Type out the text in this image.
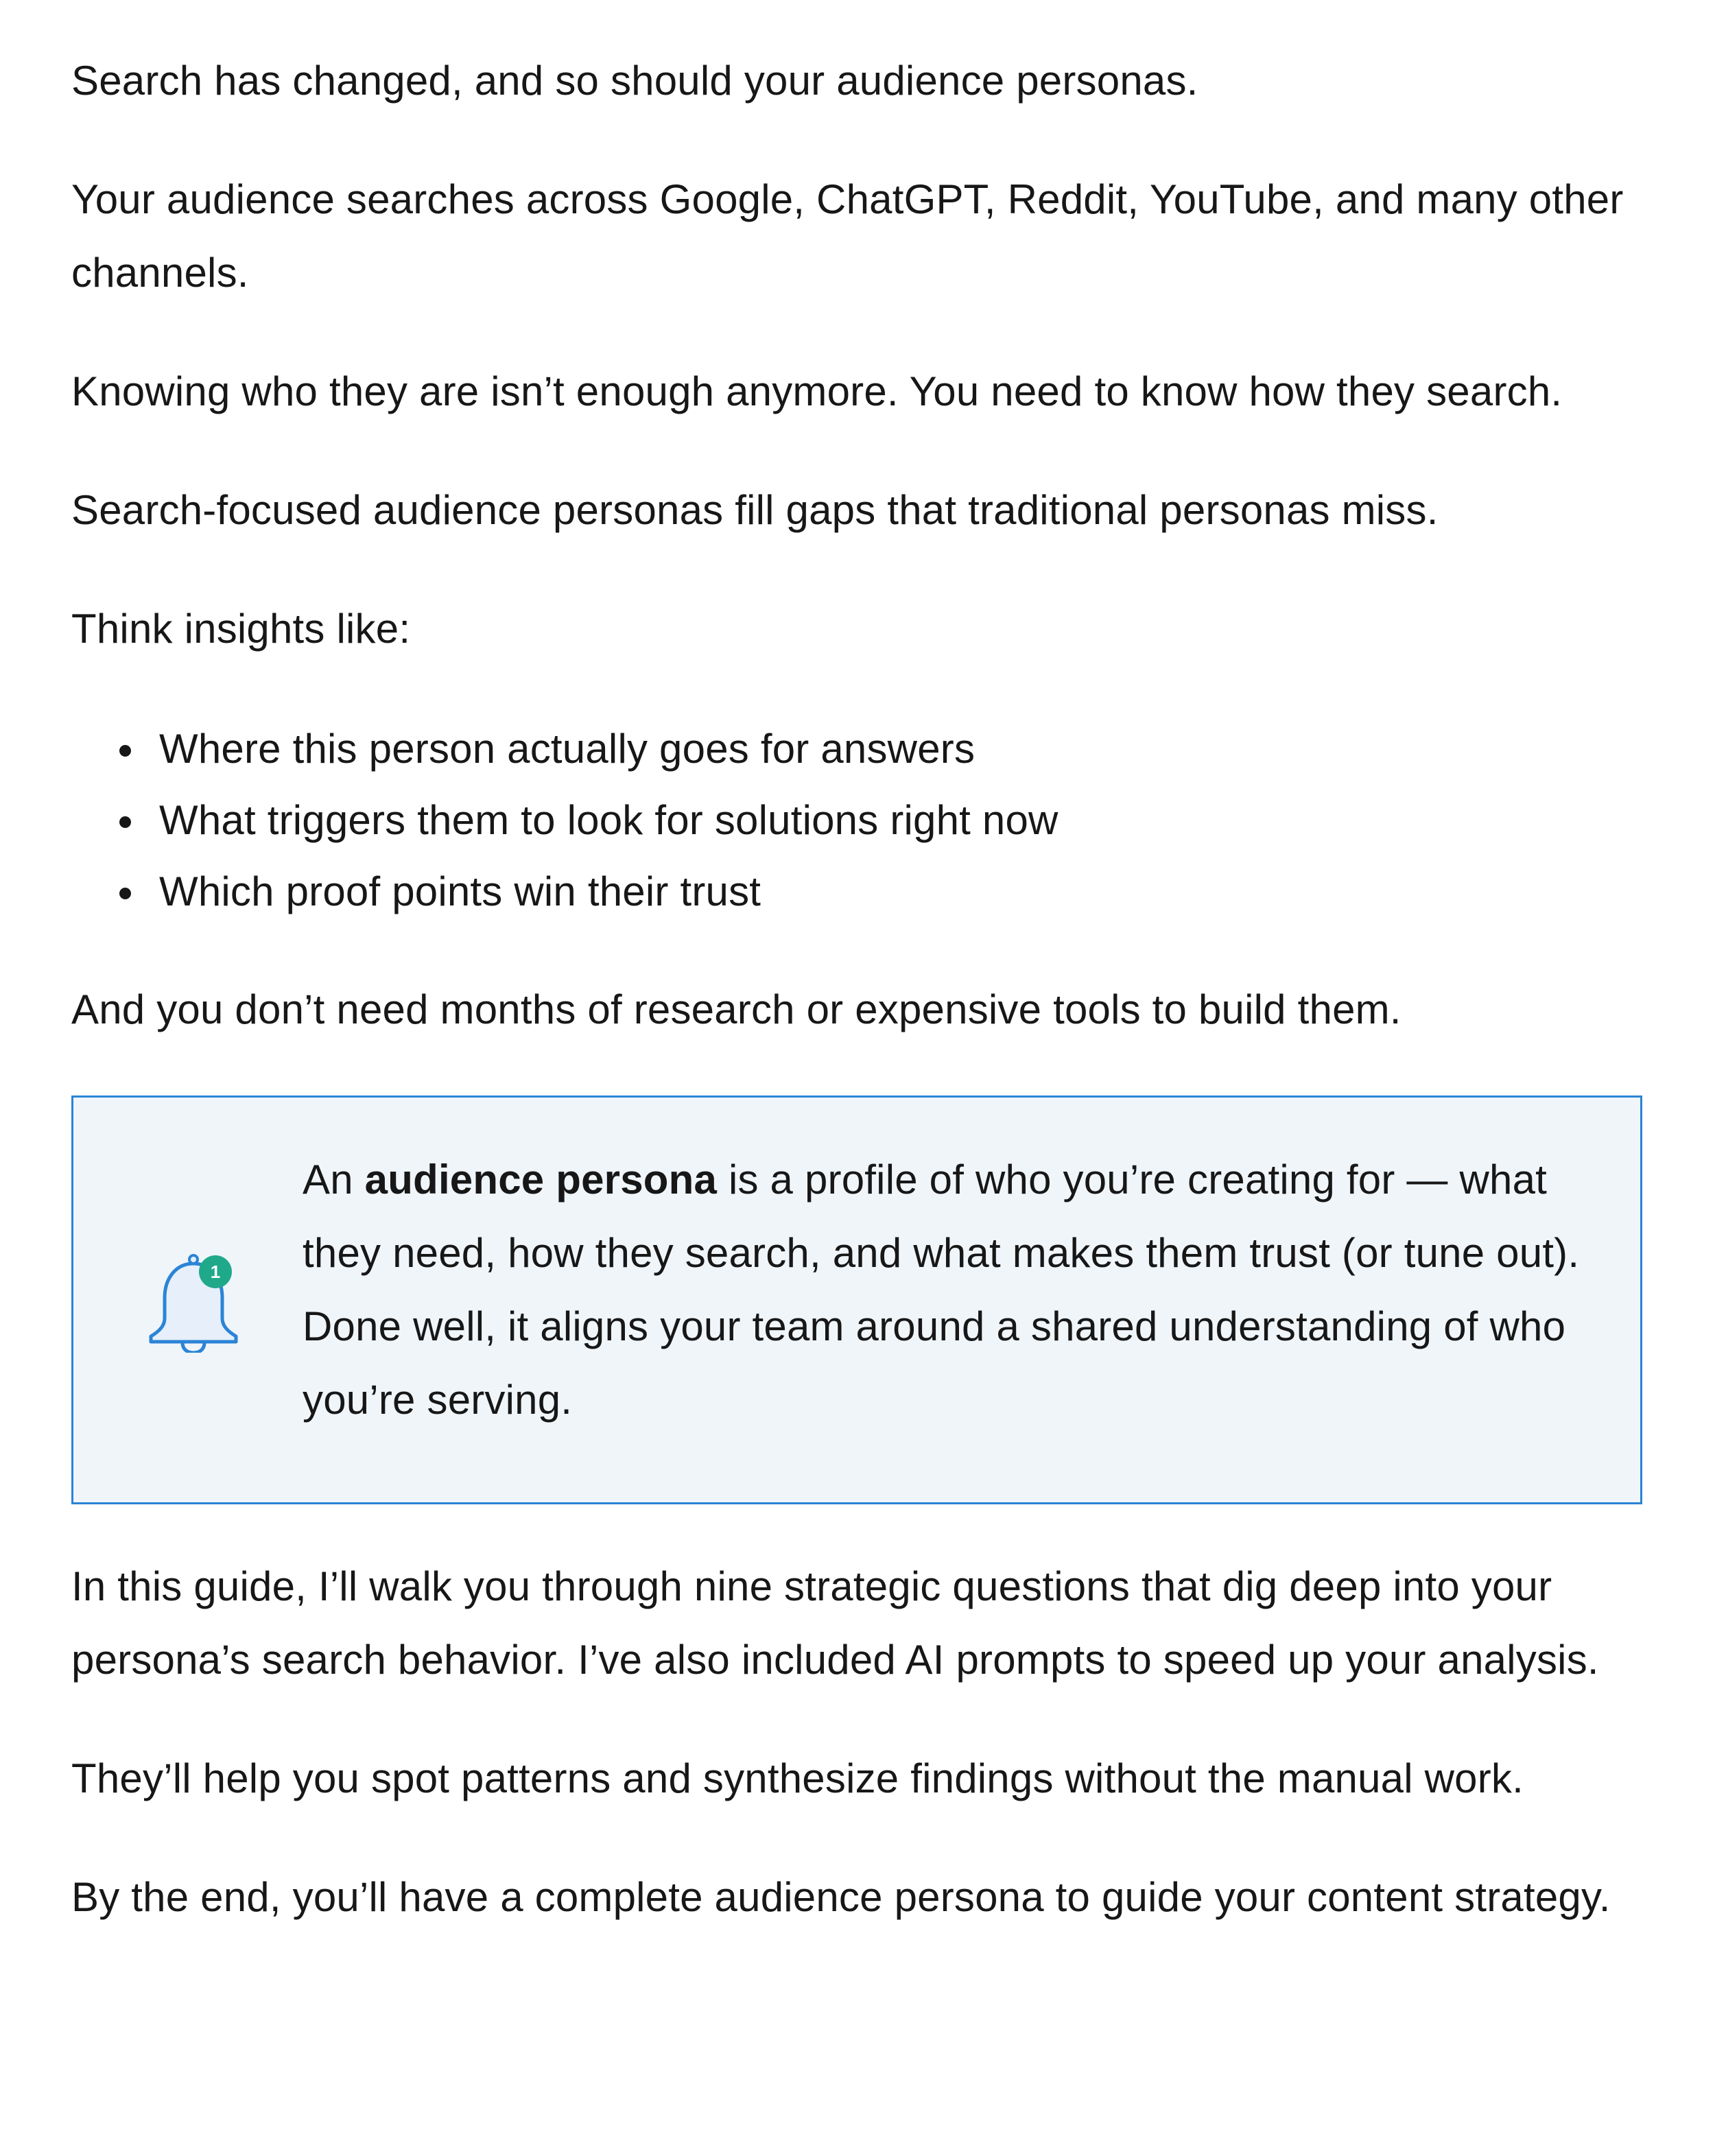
Search has changed, and so should your audience personas.

Your audience searches across Google, ChatGPT, Reddit, YouTube, and many other channels.

Knowing who they are isn’t enough anymore. You need to know how they search.

Search-focused audience personas fill gaps that traditional personas miss.

Think insights like:

Where this person actually goes for answers
What triggers them to look for solutions right now
Which proof points win their trust

And you don’t need months of research or expensive tools to build them.

1

An audience persona is a profile of who you’re creating for — what they need, how they search, and what makes them trust (or tune out). Done well, it aligns your team around a shared understanding of who you’re serving.

In this guide, I’ll walk you through nine strategic questions that dig deep into your persona’s search behavior. I’ve also included AI prompts to speed up your analysis.

They’ll help you spot patterns and synthesize findings without the manual work.

By the end, you’ll have a complete audience persona to guide your content strategy.
